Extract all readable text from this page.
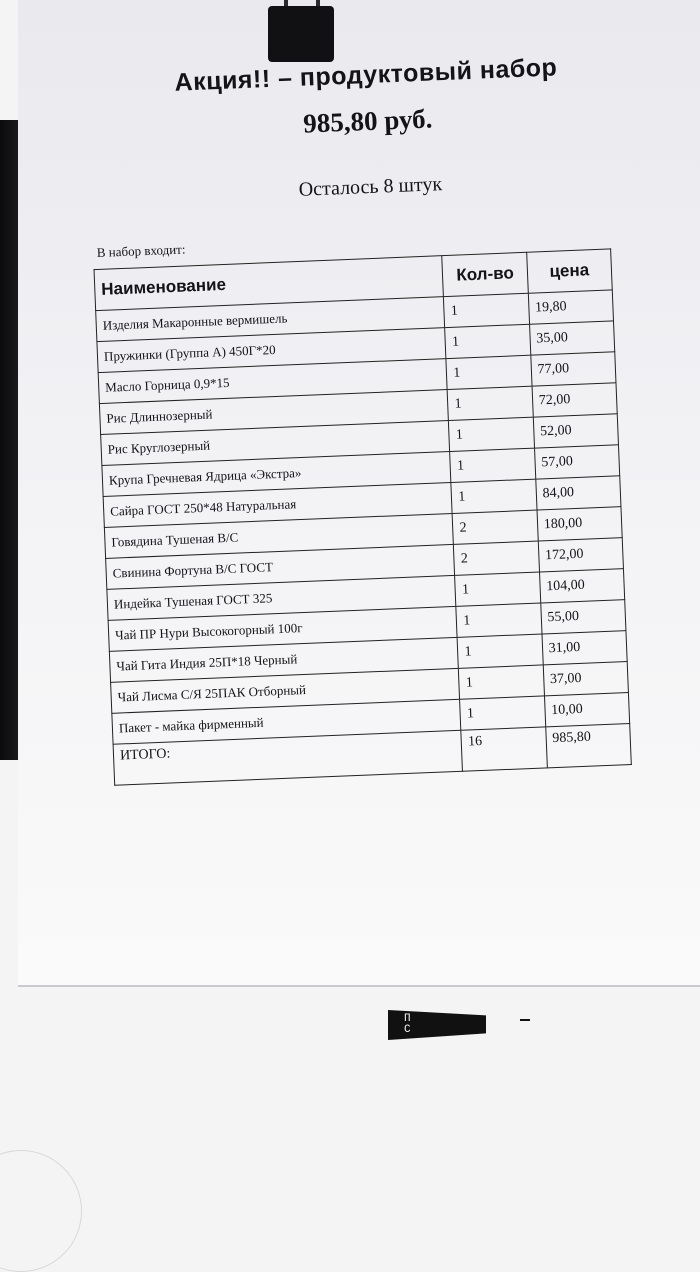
Акция!! – продуктовый набор
985,80 руб.
Осталось 8 штук
В набор входит:
Наименование	Кол-во	цена
Изделия Макаронные вермишель	1	19,80
Пружинки (Группа А) 450Г*20	1	35,00
Масло Горница 0,9*15	1	77,00
Рис Длиннозерный	1	72,00
Рис Круглозерный	1	52,00
Крупа Гречневая Ядрица «Экстра»	1	57,00
Сайра ГОСТ 250*48 Натуральная	1	84,00
Говядина Тушеная В/С	2	180,00
Свинина Фортуна В/С ГОСТ	2	172,00
Индейка Тушеная ГОСТ 325	1	104,00
Чай ПР Нури Высокогорный 100г	1	55,00
Чай Гита Индия 25П*18 Черный	1	31,00
Чай Лисма С/Я 25ПАК Отборный	1	37,00
Пакет - майка фирменный	1	10,00
ИТОГО:	16	985,80
П
С
